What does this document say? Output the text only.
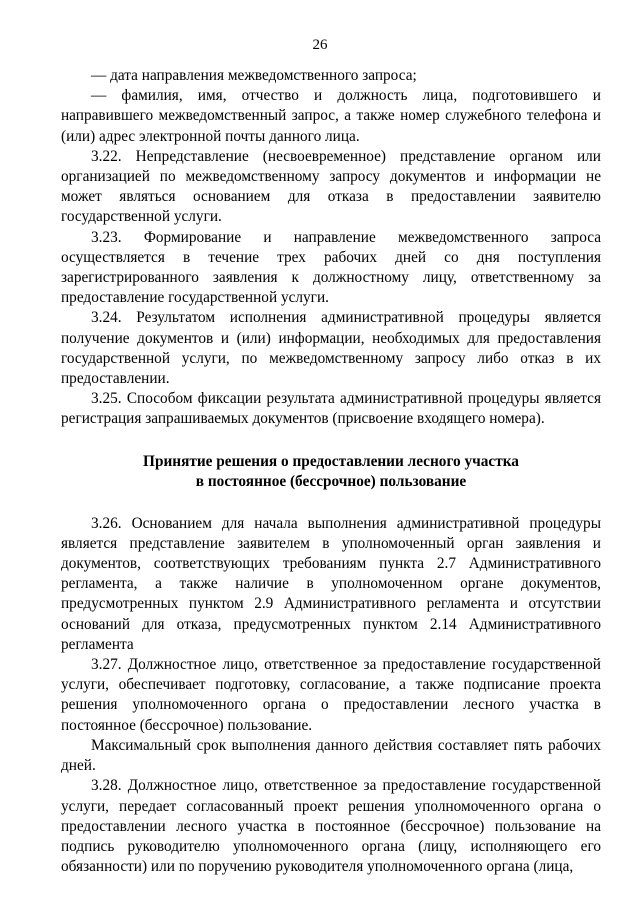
26

— дата направления межведомственного запроса;

— фамилия, имя, отчество и должность лица, подготовившего и направившего межведомственный запрос, а также номер служебного телефона и (или) адрес электронной почты данного лица.

3.22. Непредставление (несвоевременное) представление органом или организацией по межведомственному запросу документов и информации не может являться основанием для отказа в предоставлении заявителю государственной услуги.

3.23. Формирование и направление межведомственного запроса осуществляется в течение трех рабочих дней со дня поступления зарегистрированного заявления к должностному лицу, ответственному за предоставление государственной услуги.

3.24. Результатом исполнения административной процедуры является получение документов и (или) информации, необходимых для предоставления государственной услуги, по межведомственному запросу либо отказ в их предоставлении.

3.25. Способом фиксации результата административной процедуры является регистрация запрашиваемых документов (присвоение входящего номера).

Принятие решения о предоставлении лесного участка
в постоянное (бессрочное) пользование

3.26. Основанием для начала выполнения административной процедуры является представление заявителем в уполномоченный орган заявления и документов, соответствующих требованиям пункта 2.7 Административного регламента, а также наличие в уполномоченном органе документов, предусмотренных пунктом 2.9 Административного регламента и отсутствии оснований для отказа, предусмотренных пунктом 2.14 Административного регламента

3.27. Должностное лицо, ответственное за предоставление государственной услуги, обеспечивает подготовку, согласование, а также подписание проекта решения уполномоченного органа о предоставлении лесного участка в постоянное (бессрочное) пользование.

Максимальный срок выполнения данного действия составляет пять рабочих дней.

3.28. Должностное лицо, ответственное за предоставление государственной услуги, передает согласованный проект решения уполномоченного органа о предоставлении лесного участка в постоянное (бессрочное) пользование на подпись руководителю уполномоченного органа (лицу, исполняющего его обязанности) или по поручению руководителя уполномоченного органа (лица,
